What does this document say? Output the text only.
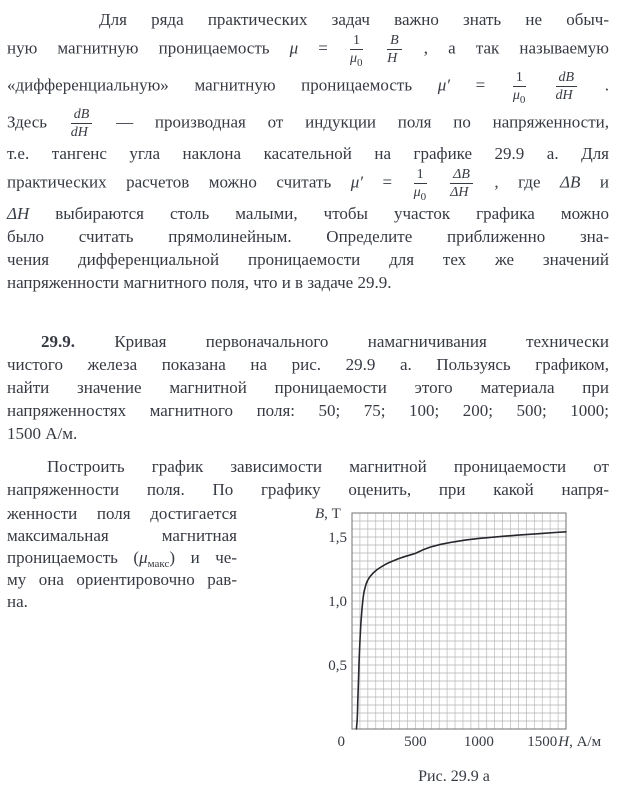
Для ряда практических задач важно знать не обыч-
ную магнитную проницаемость $\mu = \frac{1}{\mu_0}$
$\frac{B}{H}$ , а так называемую
«дифференциальную» магнитную проницаемость $\mu' = \frac{1}{\mu_0}$
$\frac{dB}{dH}$ .
Здесь $\frac{dB}{dH}$ — производная от индукции поля по напряженности,
т.е. тангенс угла наклона касательной на графике 29.9 а. Для
практических расчетов можно считать $\mu' = \frac{1}{\mu_0}$
$\frac{\Delta B}{\Delta H}$ , где ΔB и
ΔH выбираются столь малыми, чтобы участок графика можно
было считать прямолинейным. Определите приближенно зна-
чения дифференциальной проницаемости для тех же значений
напряженности магнитного поля, что и в задаче 29.9.
29.9. Кривая первоначального намагничивания технически
чистого железа показана на рис. 29.9 а. Пользуясь графиком,
найти значение магнитной проницаемости этого материала при
напряженностях магнитного поля: 50; 75; 100; 200; 500; 1000;
1500 А/м.
Построить график зависимости магнитной проницаемости от
напряженности поля. По графику оценить, при какой напря-
женности поля достигается
максимальная магнитная
проницаемость $(\mu_{макс})$ и че-
му она ориентировочно рав-
на.
0,5
1,0
1,5
0	500 1000 1500
B, Т
H, А/м
Рис. 29.9 а
